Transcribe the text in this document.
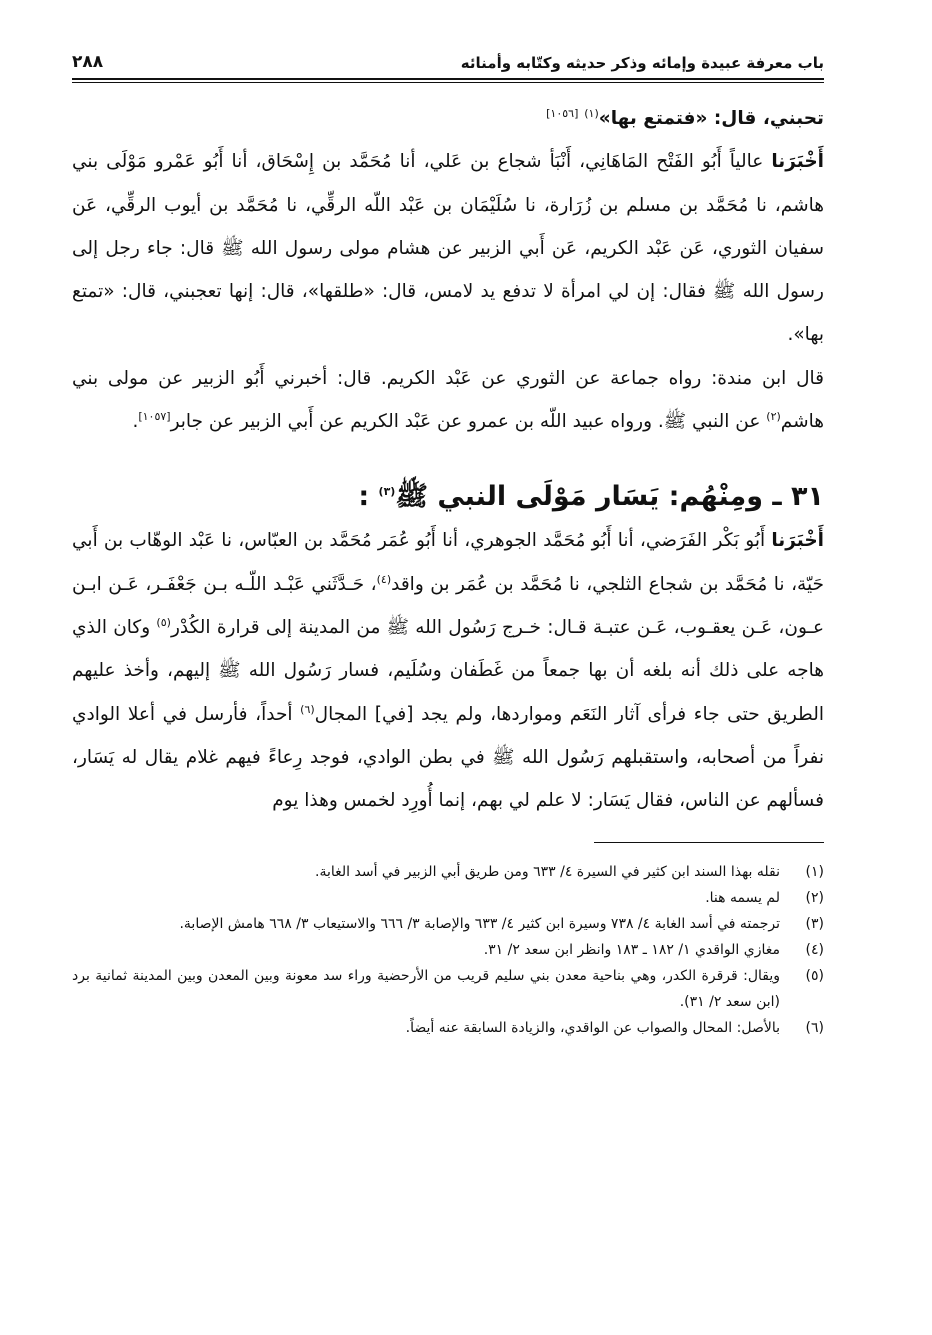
باب معرفة عبيدة وإمائه وذكر حديثه وكتّابه وأمنائه
٢٨٨

تحبني، قال: «فتمتع بها»$^{(١)}$ [١٠٥٦]

أَخْبَرَنا عالياً أَبُو الفَتْح المَاهَانِي، أَنْبَأ شجاع بن عَلي، أنا مُحَمَّد بن إِسْحَاق، أنا أَبُو عَمْرو مَوْلَى بني هاشم، نا مُحَمَّد بن مسلم بن زُرَارة، نا سُلَيْمَان بن عَبْد اللّه الرقِّي، نا مُحَمَّد بن أيوب الرقِّي، عَن سفيان الثوري، عَن عَبْد الكريم، عَن أَبي الزبير عن هشام مولى رسول الله ﷺ قال: جاء رجل إلى رسول الله ﷺ فقال: إن لي امرأة لا تدفع يد لامس، قال: «طلقها»، قال: إنها تعجبني، قال: «تمتع بها».

قال ابن مندة: رواه جماعة عن الثوري عن عَبْد الكريم. قال: أخبرني أَبُو الزبير عن مولى بني هاشم$^{(٢)}$ عن النبي ﷺ. ورواه عبيد اللّه بن عمرو عن عَبْد الكريم عن أَبي الزبير عن جابر[١٠٥٧].

٣١ ـ ومِنْهُم: يَسَار مَوْلَى النبي ﷺ$^{(٣)}$ :

أَخْبَرَنا أَبُو بَكْر الفَرَضي، أنا أَبُو مُحَمَّد الجوهري، أنا أَبُو عُمَر مُحَمَّد بن العبّاس، نا عَبْد الوهّاب بن أَبي حَيّة، نا مُحَمَّد بن شجاع الثلجي، نا مُحَمَّد بن عُمَر بن واقد$^{(٤)}$، حَـدَّثَني عَبْـد اللّـه بـن جَعْفَـر، عَـن ابـن عـون، عَـن يعقـوب، عَـن عتبـة قـال: خـرج رَسُول الله ﷺ من المدينة إلى قرارة الكُدْر$^{(٥)}$ وكان الذي هاجه على ذلك أنه بلغه أن بها جمعاً من غَطَفان وسُلَيم، فسار رَسُول الله ﷺ إليهم، وأخذ عليهم الطريق حتى جاء فرأى آثار النَعَم ومواردها، ولم يجد [في] المجال$^{(٦)}$ أحداً، فأرسل في أعلا الوادي نفراً من أصحابه، واستقبلهم رَسُول الله ﷺ في بطن الوادي، فوجد رِعاءً فيهم غلام يقال له يَسَار، فسألهم عن الناس، فقال يَسَار: لا علم لي بهم، إنما أُورِد لخمس وهذا يوم

(١)
نقله بهذا السند ابن كثير في السيرة ٤/ ٦٣٣ ومن طريق أبي الزبير في أسد الغابة.
(٢)
لم يسمه هنا.
(٣)
ترجمته في أسد الغابة ٤/ ٧٣٨ وسيرة ابن كثير ٤/ ٦٣٣ والإصابة ٣/ ٦٦٦ والاستيعاب ٣/ ٦٦٨ هامش الإصابة.
(٤)
مغازي الواقدي ١/ ١٨٢ ـ ١٨٣ وانظر ابن سعد ٢/ ٣١.
(٥)
ويقال: قرقرة الكدر، وهي بناحية معدن بني سليم قريب من الأرحضية وراء سد معونة وبين المعدن وبين المدينة ثمانية برد (ابن سعد ٢/ ٣١).
(٦)
بالأصل: المحال والصواب عن الواقدي، والزيادة السابقة عنه أيضاً.
